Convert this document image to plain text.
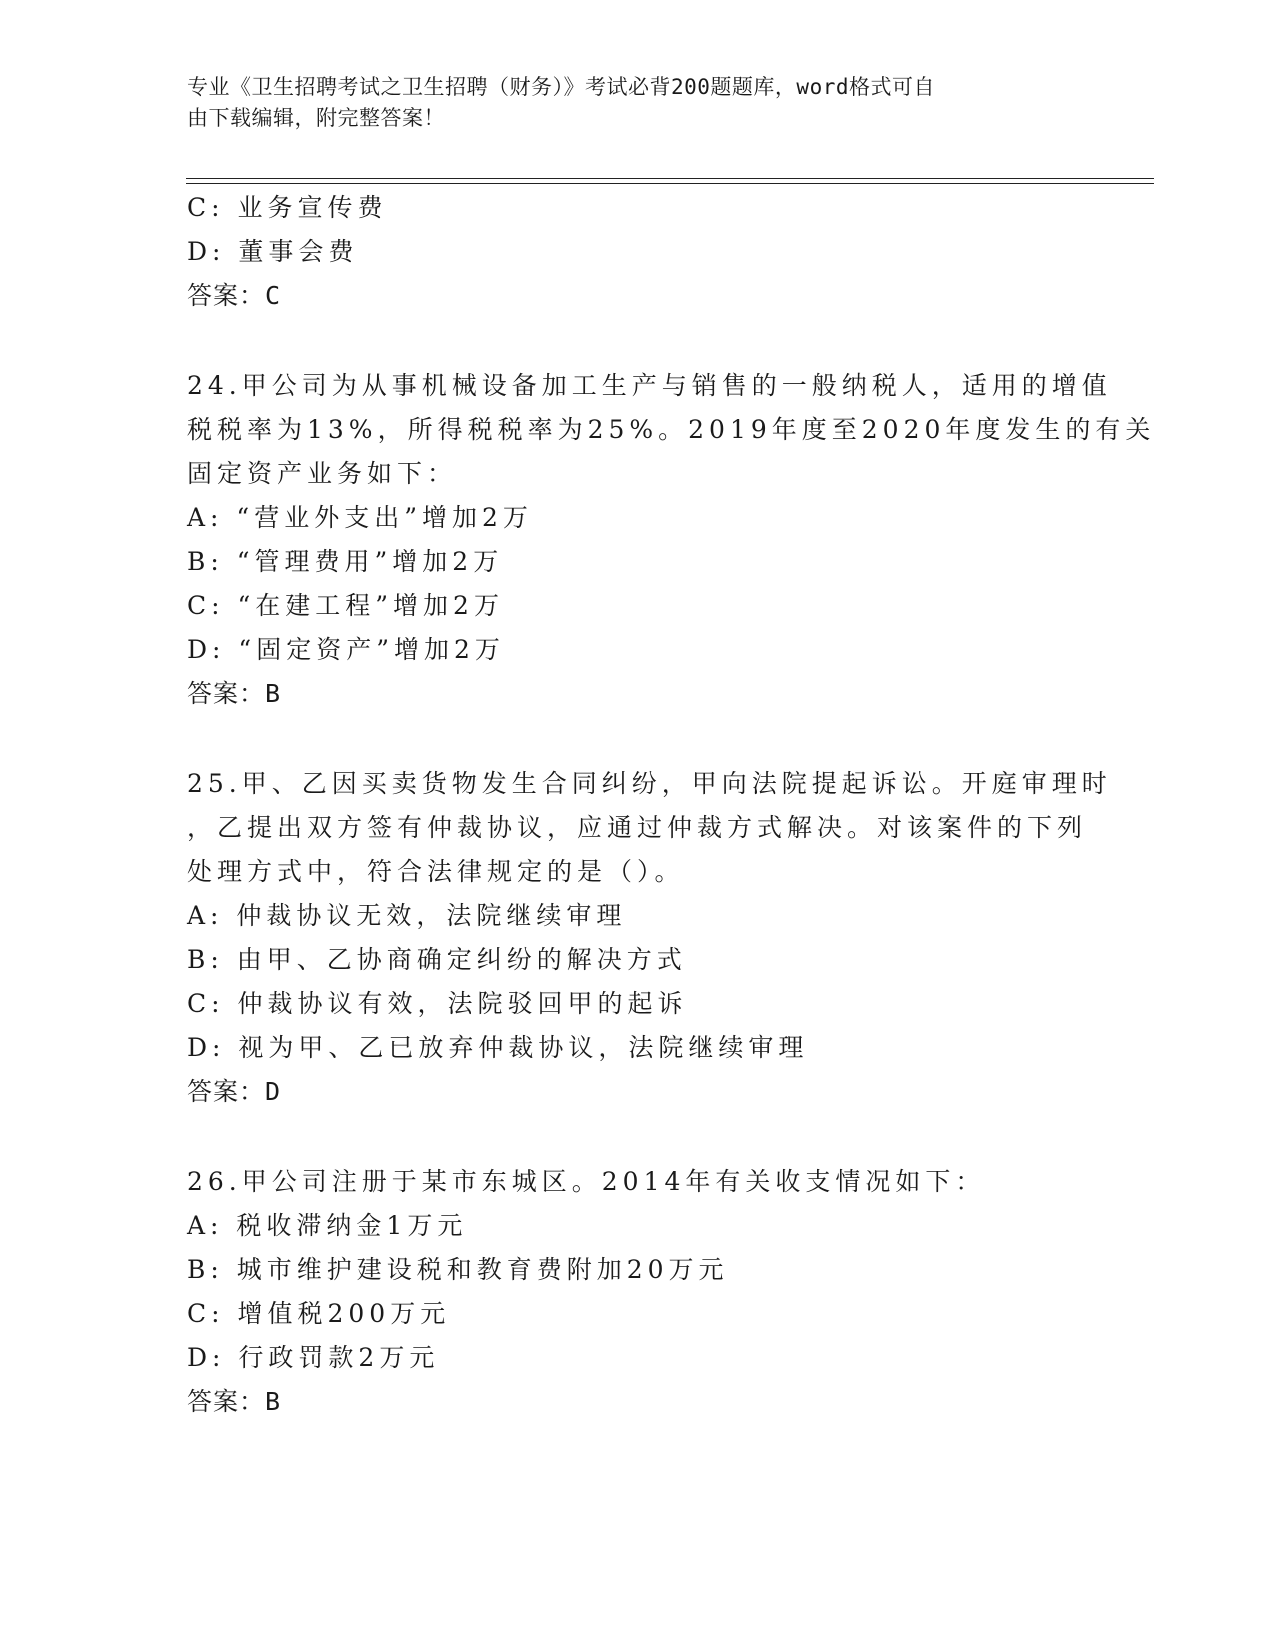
专业《卫生招聘考试之卫生招聘（财务）》考试必背200题题库，word格式可自
由下载编辑，附完整答案！
C: 业务宣传费
D: 董事会费
答案：C
24.甲公司为从事机械设备加工生产与销售的一般纳税人，适用的增值
税税率为13%，所得税税率为25%。2019年度至2020年度发生的有关
固定资产业务如下：
A: “营业外支出”增加2万
B: “管理费用”增加2万
C: “在建工程”增加2万
D: “固定资产”增加2万
答案：B
25.甲、乙因买卖货物发生合同纠纷，甲向法院提起诉讼。开庭审理时
，乙提出双方签有仲裁协议，应通过仲裁方式解决。对该案件的下列
处理方式中，符合法律规定的是（）。
A: 仲裁协议无效，法院继续审理
B: 由甲、乙协商确定纠纷的解决方式
C: 仲裁协议有效，法院驳回甲的起诉
D: 视为甲、乙已放弃仲裁协议，法院继续审理
答案：D
26.甲公司注册于某市东城区。2014年有关收支情况如下：
A: 税收滞纳金1万元
B: 城市维护建设税和教育费附加20万元
C: 增值税200万元
D: 行政罚款2万元
答案：B
